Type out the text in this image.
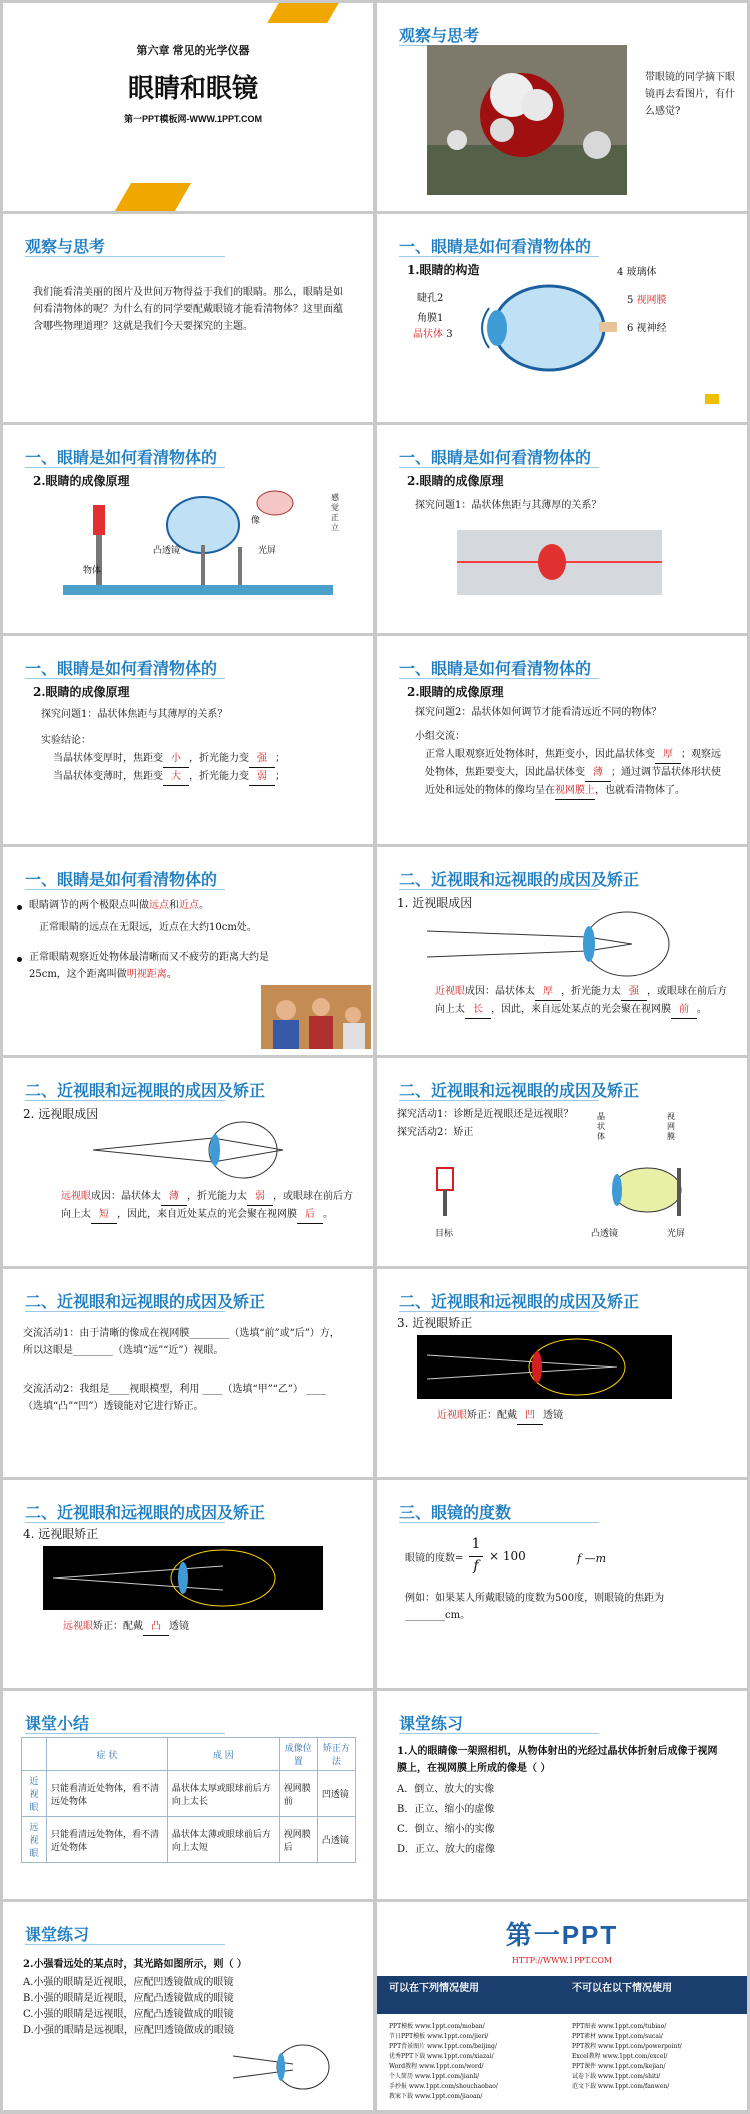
第六章 常见的光学仪器
眼睛和眼镜
第一PPT模板网-WWW.1PPT.COM
观察与思考
带眼镜的同学摘下眼镜再去看图片，有什么感觉?
观察与思考
我们能看清美丽的图片及世间万物得益于我们的眼睛。那么，眼睛是如何看清物体的呢？为什么有的同学要配戴眼镜才能看清物体？这里面蕴含哪些物理道理？这就是我们今天要探究的主题。
一、眼睛是如何看清物体的
1.眼睛的构造
睫孔2
角膜1
晶状体 3
4 玻璃体
5 视网膜
6 视神经
一、眼睛是如何看清物体的
2.眼睛的成像原理
物体
凸透镜	光屏
像
感觉正立
一、眼睛是如何看清物体的
2.眼睛的成像原理
探究问题1：晶状体焦距与其薄厚的关系？
一、眼睛是如何看清物体的
2.眼睛的成像原理
探究问题1：晶状体焦距与其薄厚的关系？
实验结论：
当晶状体变厚时，焦距变 小 ，折光能力变 强 ；
当晶状体变薄时，焦距变 大 ，折光能力变 弱 ；
一、眼睛是如何看清物体的
2.眼睛的成像原理
探究问题2：晶状体如何调节才能看清远近不同的物体？
小组交流：
正常人眼观察近处物体时，焦距变小，因此晶状体变 厚 ；观察远处物体，焦距要变大，因此晶状体变 薄 ；通过调节晶状体形状使近处和远处的物体的像均呈在视网膜上，也就看清物体了。
一、眼睛是如何看清物体的
眼睛调节的两个极限点叫做远点和近点。
正常眼睛的远点在无限远，近点在大约10cm处。
正常眼睛观察近处物体最清晰而又不疲劳的距离大约是25cm，这个距离叫做明视距离。
二、近视眼和远视眼的成因及矫正
1. 近视眼成因
近视眼成因：晶状体太 厚 ，折光能力太 强 ，或眼球在前后方向上太 长 ，因此，来自远处某点的光会聚在视网膜 前 。
二、近视眼和远视眼的成因及矫正
2. 远视眼成因
远视眼成因：晶状体太 薄 ，折光能力太 弱 ，或眼球在前后方向上太 短 ，因此，来自近处某点的光会聚在视网膜 后 。
二、近视眼和远视眼的成因及矫正
探究活动1：诊断是近视眼还是远视眼？
探究活动2：矫正
目标	凸透镜	光屏
晶状体
视网膜
二、近视眼和远视眼的成因及矫正
交流活动1：由于清晰的像成在视网膜________（选填“前”或“后”）方，所以这眼是________（选填“远”“近”）视眼。
交流活动2：我组是____视眼模型，利用 ____（选填“甲”“乙”） ____（选填“凸”“凹”）透镜能对它进行矫正。
二、近视眼和远视眼的成因及矫正
3. 近视眼矫正
近视眼矫正：配戴 凹 透镜
二、近视眼和远视眼的成因及矫正
4. 远视眼矫正
远视眼矫正：配戴 凸 透镜
三、眼镜的度数
眼镜的度数=
1
f
× 100	f —m
例如：如果某人所戴眼镜的度数为500度，则眼镜的焦距为________cm。
课堂小结
	症 状	成 因	成像位置	矫正方法
近视眼	只能看清近处物体，看不清远处物体	晶状体太厚或眼球前后方向上太长	视网膜前	凹透镜
远视眼	只能看清远处物体，看不清近处物体	晶状体太薄或眼球前后方向上太短	视网膜后	凸透镜
课堂练习
1.人的眼睛像一架照相机，从物体射出的光经过晶状体折射后成像于视网膜上，在视网膜上所成的像是（ ）
A．倒立、放大的实像
B．正立、缩小的虚像
C．倒立、缩小的实像
D．正立、放大的虚像
课堂练习
2.小强看远处的某点时，其光路如图所示，则（ ）
A.小强的眼睛是近视眼，应配凹透镜做成的眼镜
B.小强的眼睛是近视眼，应配凸透镜做成的眼镜
C.小强的眼睛是远视眼，应配凸透镜做成的眼镜
D.小强的眼睛是远视眼，应配凹透镜做成的眼镜
第一PPT
HTTP://WWW.1PPT.COM
可以在下列情况使用	不可以在以下情况使用
PPT模板 www.1ppt.com/moban/
节日PPT模板 www.1ppt.com/jieri/
PPT背景图片 www.1ppt.com/beijing/
优秀PPT下载 www.1ppt.com/xiazai/
Word教程 www.1ppt.com/word/
个人简历 www.1ppt.com/jianli/
手抄报 www.1ppt.com/shouchaobao/
教案下载 www.1ppt.com/jiaoan/
PPT图表 www.1ppt.com/tubiao/
PPT素材 www.1ppt.com/sucai/
PPT教程 www.1ppt.com/powerpoint/
Excel教程 www.1ppt.com/excel/
PPT课件 www.1ppt.com/kejian/
试卷下载 www.1ppt.com/shiti/
范文下载 www.1ppt.com/fanwen/
